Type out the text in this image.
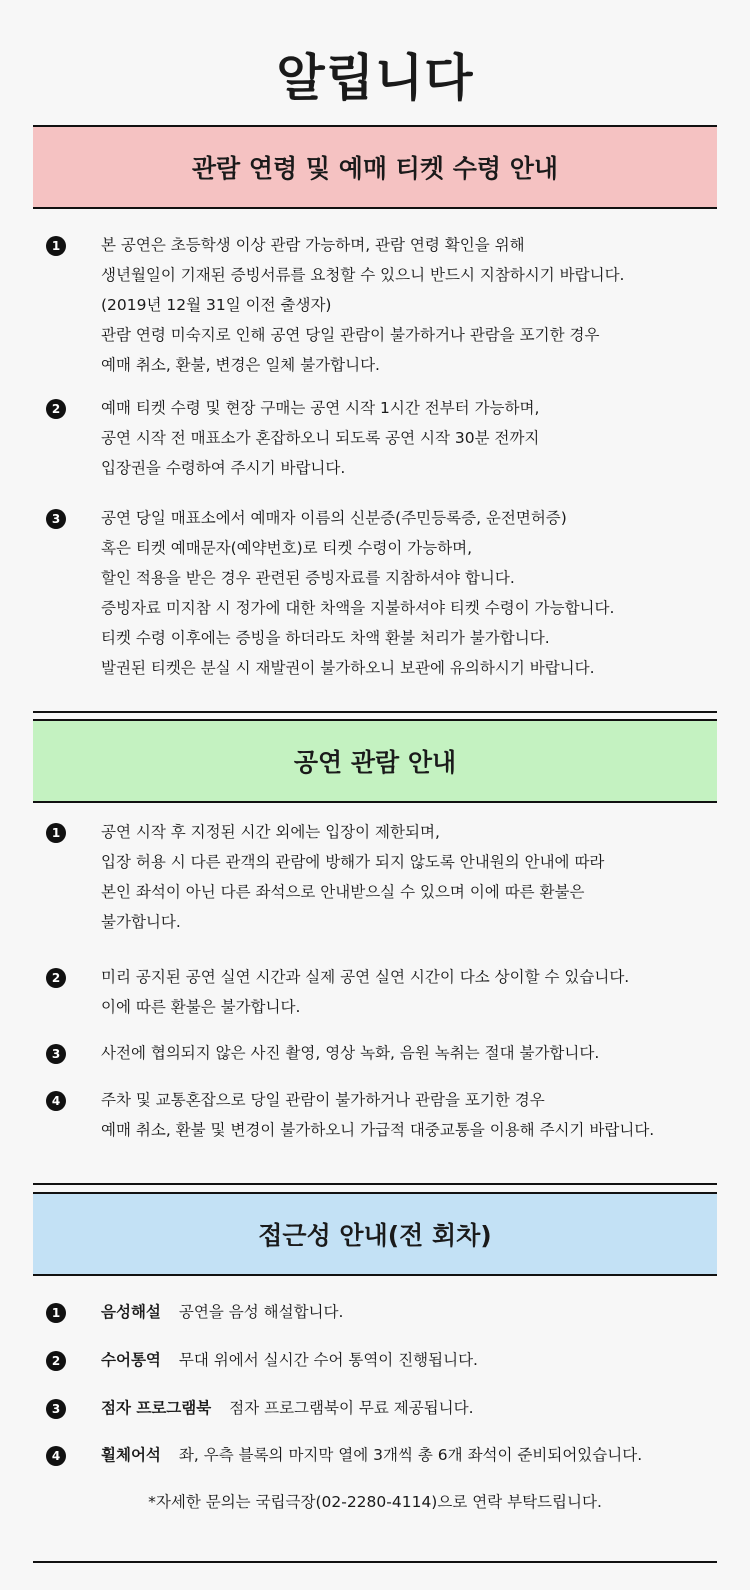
알립니다
관람 연령 및 예매 티켓 수령 안내
1	본 공연은 초등학생 이상 관람 가능하며, 관람 연령 확인을 위해
생년월일이 기재된 증빙서류를 요청할 수 있으니 반드시 지참하시기 바랍니다.
(2019년 12월 31일 이전 출생자)
관람 연령 미숙지로 인해 공연 당일 관람이 불가하거나 관람을 포기한 경우
예매 취소, 환불, 변경은 일체 불가합니다.
2	예매 티켓 수령 및 현장 구매는 공연 시작 1시간 전부터 가능하며,
공연 시작 전 매표소가 혼잡하오니 되도록 공연 시작 30분 전까지
입장권을 수령하여 주시기 바랍니다.
3	공연 당일 매표소에서 예매자 이름의 신분증(주민등록증, 운전면허증)
혹은 티켓 예매문자(예약번호)로 티켓 수령이 가능하며,
할인 적용을 받은 경우 관련된 증빙자료를 지참하셔야 합니다.
증빙자료 미지참 시 정가에 대한 차액을 지불하셔야 티켓 수령이 가능합니다.
티켓 수령 이후에는 증빙을 하더라도 차액 환불 처리가 불가합니다.
발권된 티켓은 분실 시 재발권이 불가하오니 보관에 유의하시기 바랍니다.
공연 관람 안내
1	공연 시작 후 지정된 시간 외에는 입장이 제한되며,
입장 허용 시 다른 관객의 관람에 방해가 되지 않도록 안내원의 안내에 따라
본인 좌석이 아닌 다른 좌석으로 안내받으실 수 있으며 이에 따른 환불은
불가합니다.
2	미리 공지된 공연 실연 시간과 실제 공연 실연 시간이 다소 상이할 수 있습니다.
이에 따른 환불은 불가합니다.
3	사전에 협의되지 않은 사진 촬영, 영상 녹화, 음원 녹취는 절대 불가합니다.
4	주차 및 교통혼잡으로 당일 관람이 불가하거나 관람을 포기한 경우
예매 취소, 환불 및 변경이 불가하오니 가급적 대중교통을 이용해 주시기 바랍니다.
접근성 안내(전 회차)
1	음성해설 공연을 음성 해설합니다.
2	수어통역 무대 위에서 실시간 수어 통역이 진행됩니다.
3	점자 프로그램북 점자 프로그램북이 무료 제공됩니다.
4	휠체어석 좌, 우측 블록의 마지막 열에 3개씩 총 6개 좌석이 준비되어있습니다.
*자세한 문의는 국립극장(02-2280-4114)으로 연락 부탁드립니다.
